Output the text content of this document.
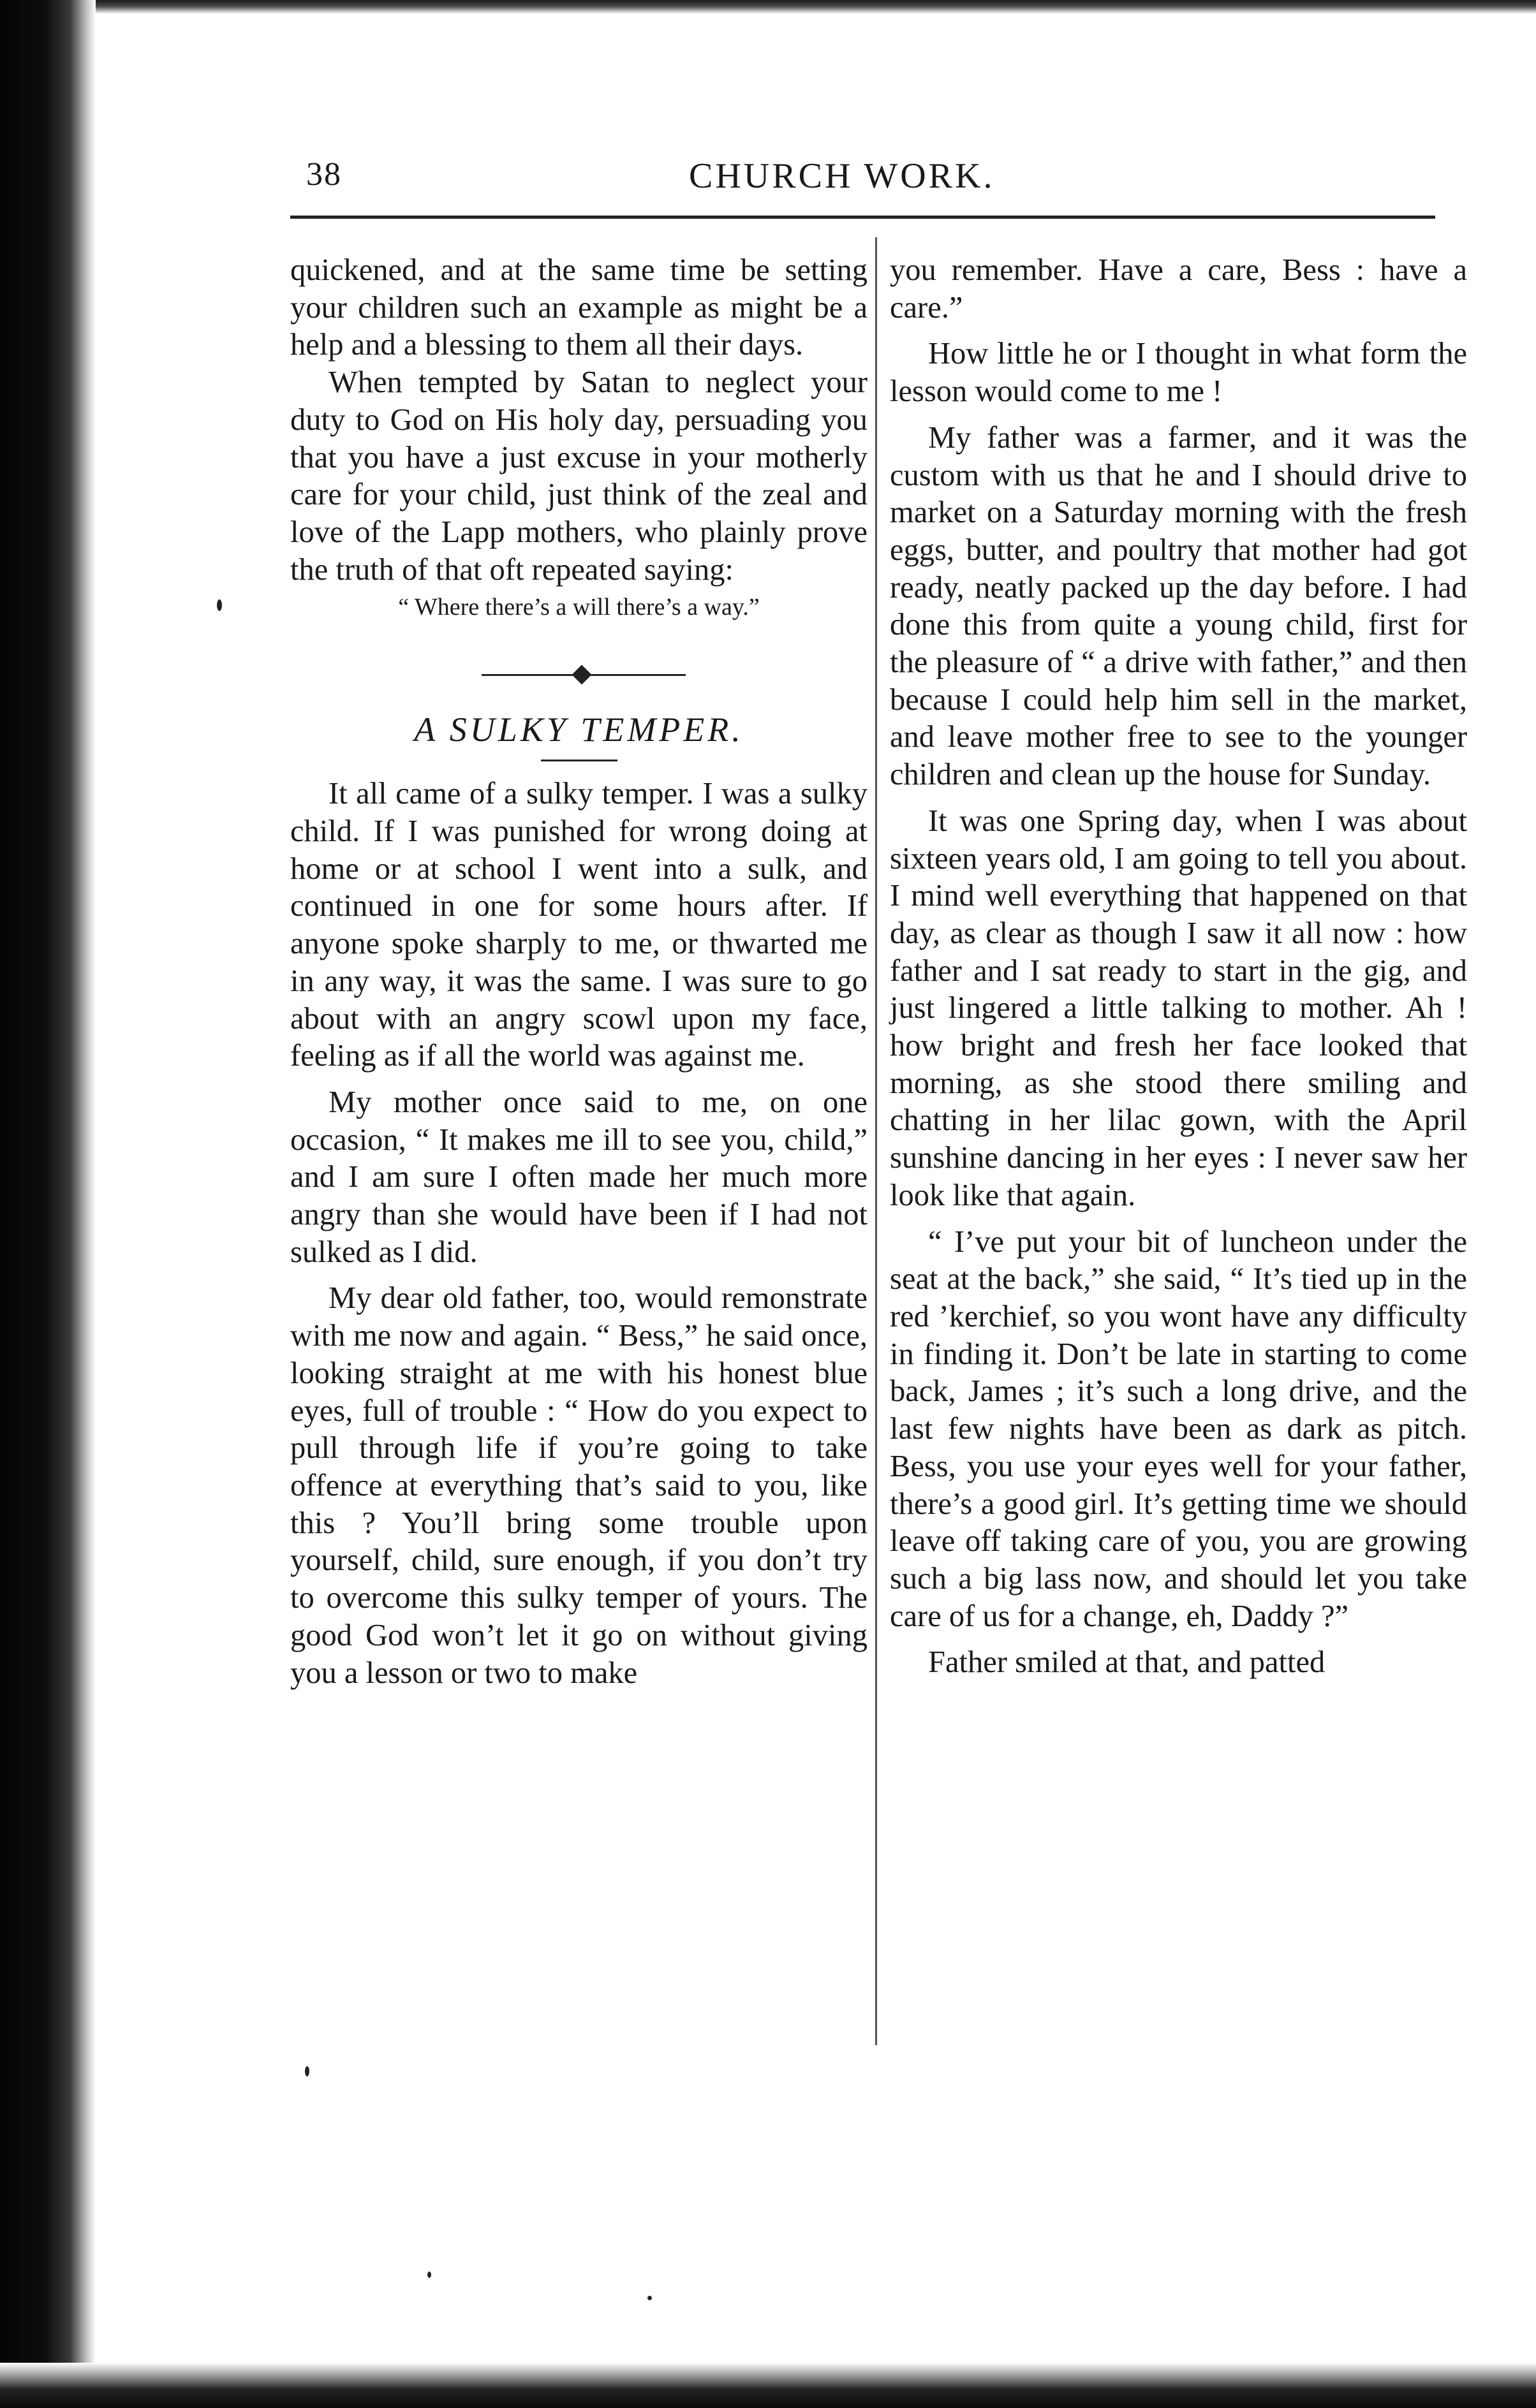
38	CHURCH WORK.

quickened, and at the same time be setting your children such an example as might be a help and a blessing to them all their days.

When tempted by Satan to neglect your duty to God on His holy day, persuading you that you have a just excuse in your motherly care for your child, just think of the zeal and love of the Lapp mothers, who plainly prove the truth of that oft repeated saying:

“ Where there’s a will there’s a way.”

A SULKY TEMPER.

It all came of a sulky temper. I was a sulky child. If I was punished for wrong doing at home or at school I went into a sulk, and continued in one for some hours after. If anyone spoke sharply to me, or thwarted me in any way, it was the same. I was sure to go about with an angry scowl upon my face, feeling as if all the world was against me.

My mother once said to me, on one occasion, “ It makes me ill to see you, child,” and I am sure I often made her much more angry than she would have been if I had not sulked as I did.

My dear old father, too, would remonstrate with me now and again. “ Bess,” he said once, looking straight at me with his honest blue eyes, full of trouble : “ How do you expect to pull through life if you’re going to take offence at everything that’s said to you, like this ? You’ll bring some trouble upon yourself, child, sure enough, if you don’t try to overcome this sulky temper of yours. The good God won’t let it go on without giving you a lesson or two to make

you remember. Have a care, Bess : have a care.”

How little he or I thought in what form the lesson would come to me !

My father was a farmer, and it was the custom with us that he and I should drive to market on a Saturday morning with the fresh eggs, butter, and poultry that mother had got ready, neatly packed up the day before. I had done this from quite a young child, first for the pleasure of “ a drive with father,” and then because I could help him sell in the market, and leave mother free to see to the younger children and clean up the house for Sunday.

It was one Spring day, when I was about sixteen years old, I am going to tell you about. I mind well everything that happened on that day, as clear as though I saw it all now : how father and I sat ready to start in the gig, and just lingered a little talking to mother. Ah ! how bright and fresh her face looked that morning, as she stood there smiling and chatting in her lilac gown, with the April sunshine dancing in her eyes : I never saw her look like that again.

“ I’ve put your bit of luncheon under the seat at the back,” she said, “ It’s tied up in the red ’kerchief, so you wont have any difficulty in finding it. Don’t be late in starting to come back, James ; it’s such a long drive, and the last few nights have been as dark as pitch. Bess, you use your eyes well for your father, there’s a good girl. It’s getting time we should leave off taking care of you, you are growing such a big lass now, and should let you take care of us for a change, eh, Daddy ?”

Father smiled at that, and patted
